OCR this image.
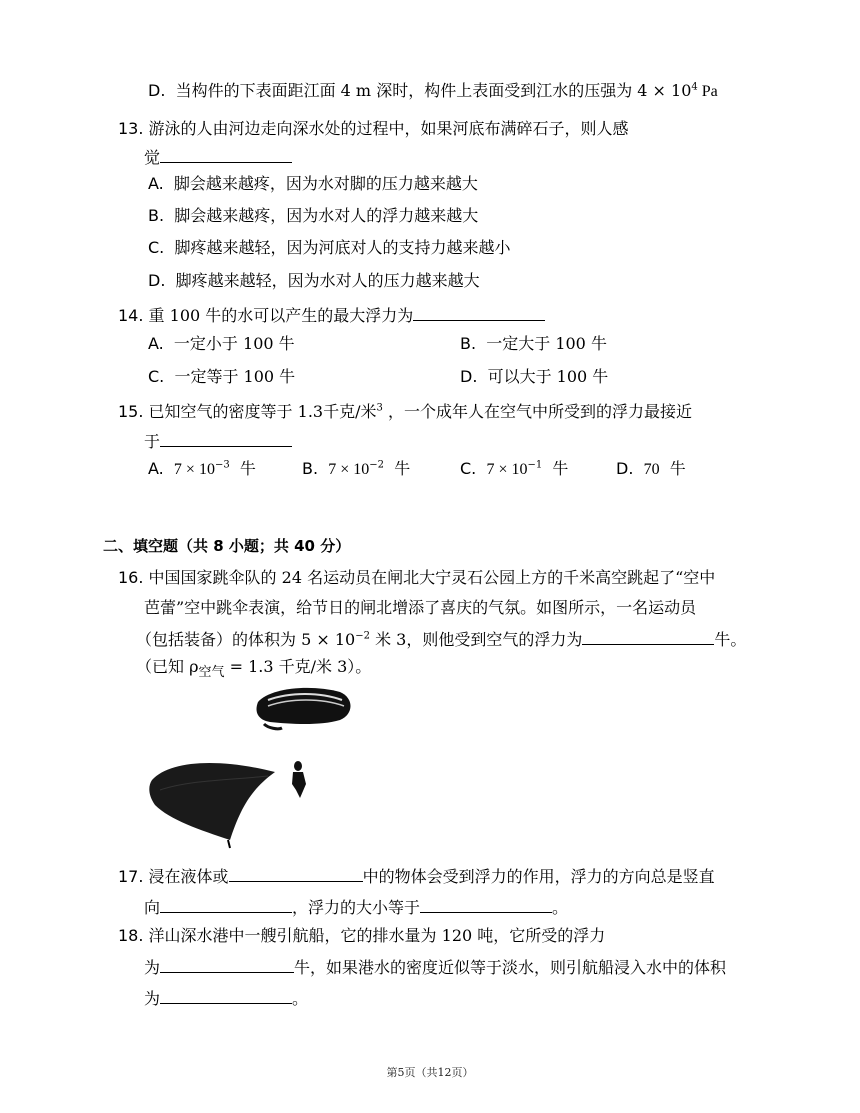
D. 当构件的下表面距江面 4 m 深时，构件上表面受到江水的压强为 $4 \times 10^4$ Pa
13. 游泳的人由河边走向深水处的过程中，如果河底布满碎石子，则人感
觉
A. 脚会越来越疼，因为水对脚的压力越来越大
B. 脚会越来越疼，因为水对人的浮力越来越大
C. 脚疼越来越轻，因为河底对人的支持力越来越小
D. 脚疼越来越轻，因为水对人的压力越来越大
14. 重 100 牛的水可以产生的最大浮力为
A. 一定小于 100 牛	B. 一定大于 100 牛
C. 一定等于 100 牛	D. 可以大于 100 牛
15. 已知空气的密度等于 1.3千克/米$^3$ ，一个成年人在空气中所受到的浮力最接近
于
A. $7 \times 10^{-3}$ 牛	B. $7 \times 10^{-2}$ 牛	C. $7 \times 10^{-1}$ 牛	D. 70 牛
二、填空题（共 8 小题；共 40 分）
16. 中国国家跳伞队的 24 名运动员在闸北大宁灵石公园上方的千米高空跳起了“空中
芭蕾”空中跳伞表演，给节日的闸北增添了喜庆的气氛。如图所示，一名运动员
（包括装备）的体积为 $5 \times 10^{-2}$ 米 3，则他受到空气的浮力为	牛。
（已知 $\rho_{空气} = 1.3$ 千克/米 3）。
17. 浸在液体或	中的物体会受到浮力的作用，浮力的方向总是竖直
向	，浮力的大小等于	。
18. 洋山深水港中一艘引航船，它的排水量为 120 吨，它所受的浮力
为	牛，如果港水的密度近似等于淡水，则引航船浸入水中的体积
为	。
第5页（共12页）
